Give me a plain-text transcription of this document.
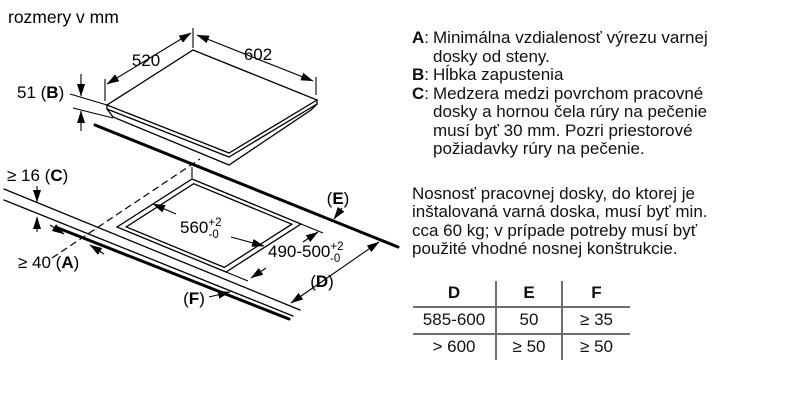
rozmery v mm
520	602
51 (B)
≥ 16 (C)
≥ 40 (A)
$560^{+2}$ -0
$490-500^{+2}$ -0
(D)
(E)
(F)
A: Minimálna vzdialenosť výrezu varnej
dosky od steny.
B: Hĺbka zapustenia
C: Medzera medzi povrchom pracovné
dosky a hornou čela rúry na pečenie
musí byť 30 mm. Pozri priestorové
požiadavky rúry na pečenie.
Nosnosť pracovnej dosky, do ktorej je
inštalovaná varná doska, musí byť min.
cca 60 kg; v prípade potreby musí byť
použité vhodné nosnej konštrukcie.
D	E	F
585-600	50	≥ 35
> 600	≥ 50	≥ 50
